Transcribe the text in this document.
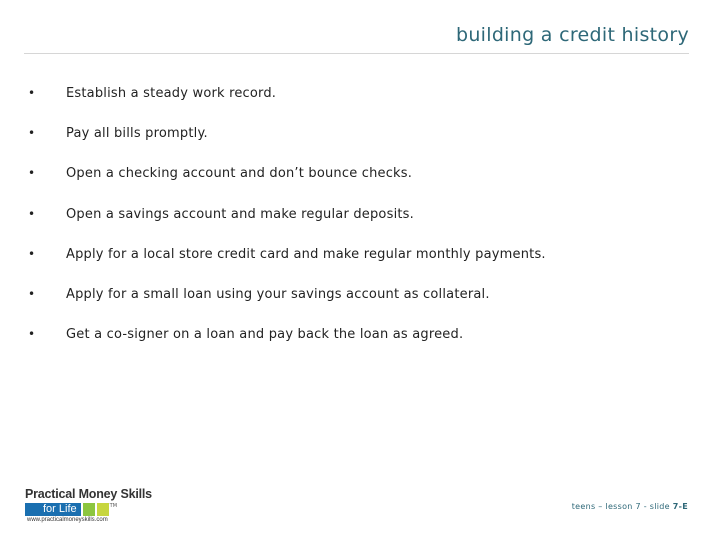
building a credit history
•	Establish a steady work record.
•	Pay all bills promptly.
•	Open a checking account and don’t bounce checks.
•	Open a savings account and make regular deposits.
•	Apply for a local store credit card and make regular monthly payments.
•	Apply for a small loan using your savings account as collateral.
•	Get a co-signer on a loan and pay back the loan as agreed.
Practical Money Skills
for Life	TM
www.practicalmoneyskills.com
teens – lesson 7 - slide 7-E
